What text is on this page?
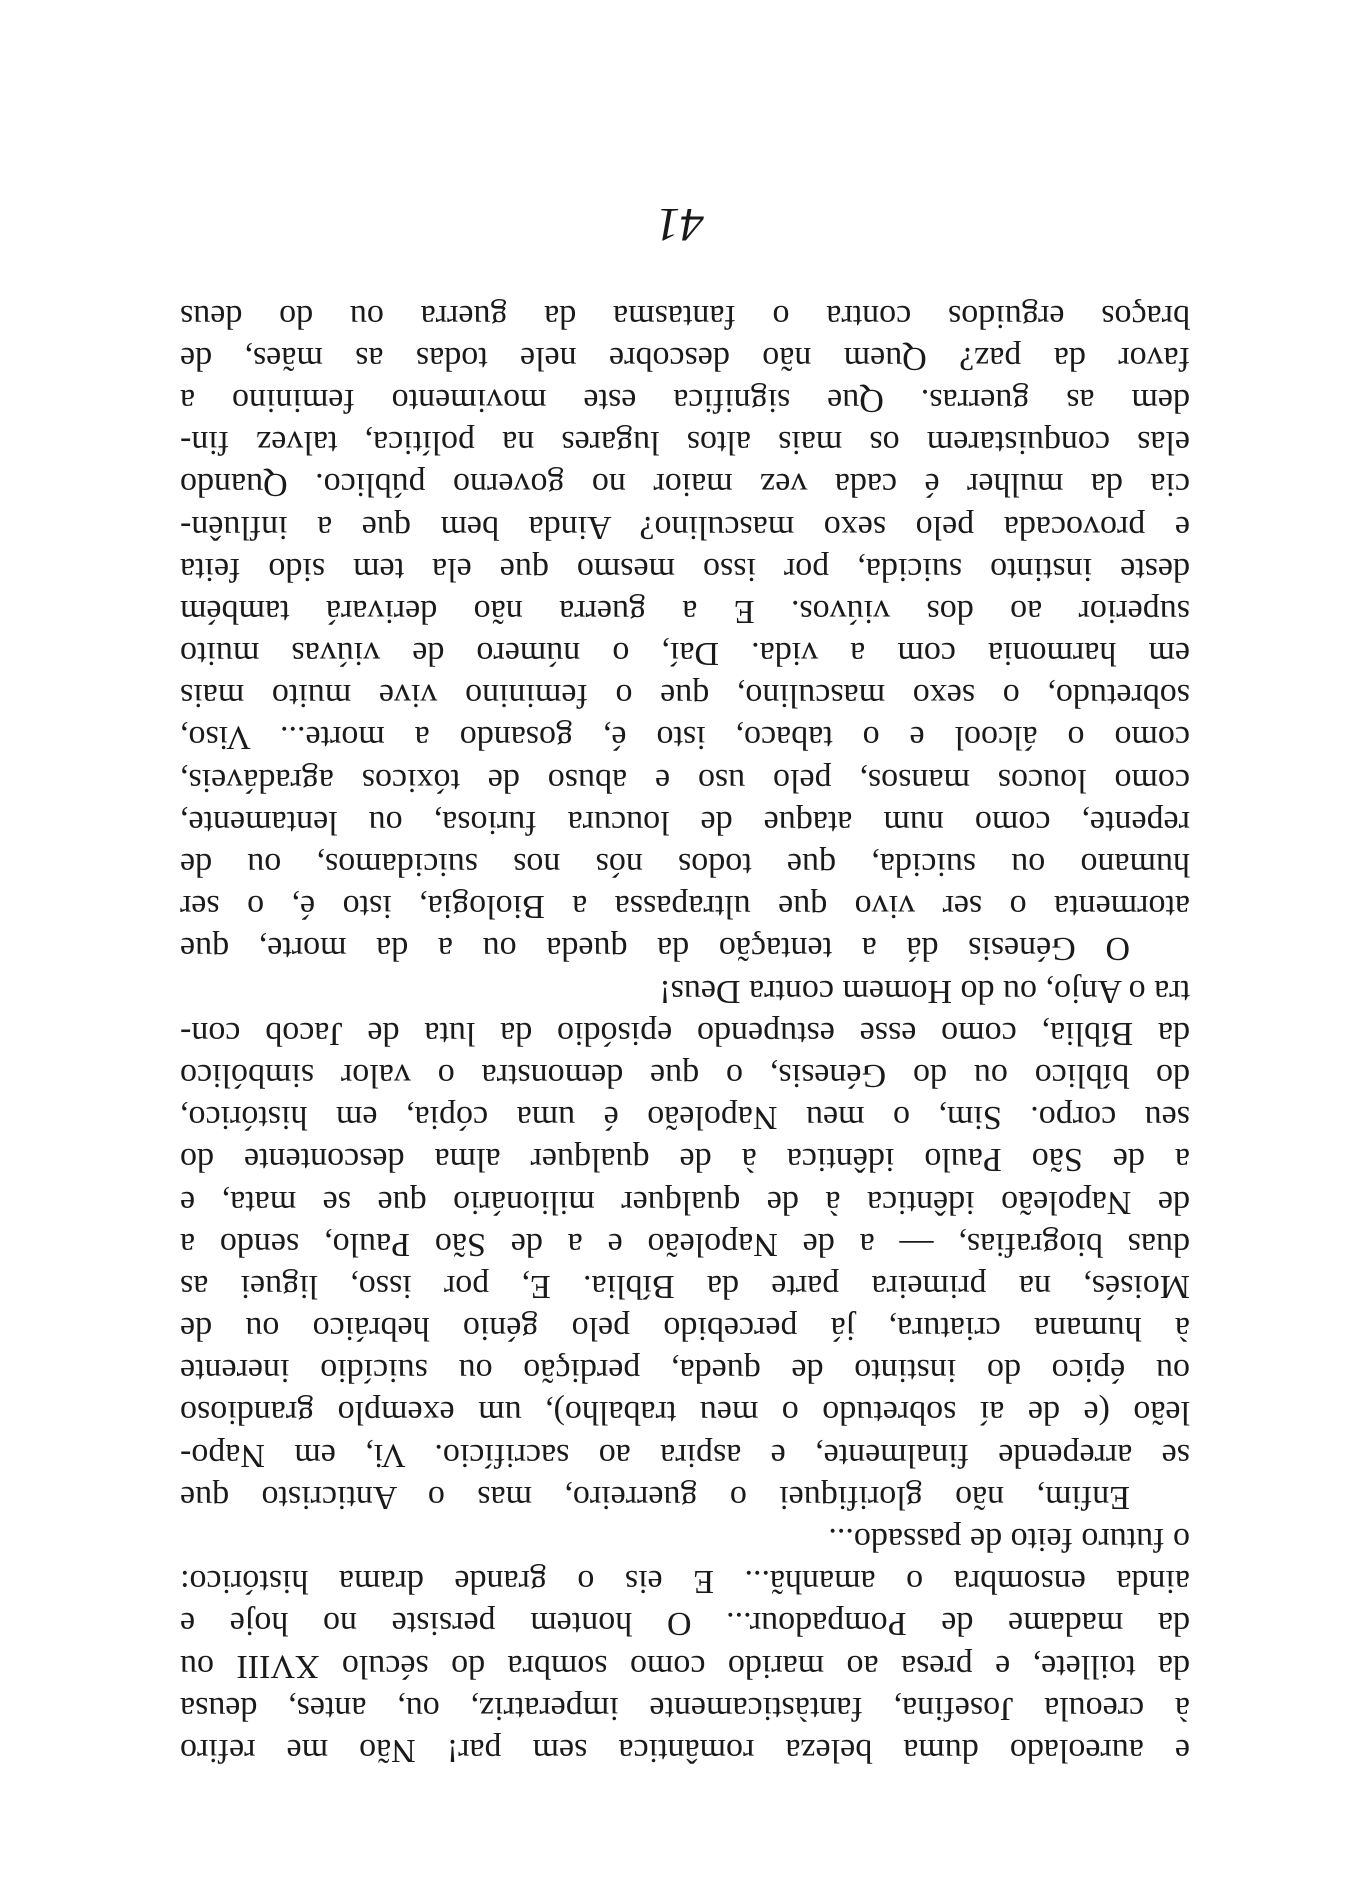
e aureolado duma beleza romântica sem par! Não me refiro
à creoula Josefina, fantàsticamente imperatriz, ou, antes, deusa
da toillete, e presa ao marido como sombra do século XVIII ou
da madame de Pompadour... O hontem persiste no hoje e
ainda ensombra o amanhã... E eis o grande drama histórico:
o futuro feito de passado...
Enfim, não glorifiquei o guerreiro, mas o Anticristo que
se arrepende finalmente, e aspira ao sacrifício. Vi, em Napo-
leão (e de aí sobretudo o meu trabalho), um exemplo grandioso
ou épico do instinto de queda, perdição ou suicídio inerente
à humana criatura, já percebido pelo génio hebráico ou de
Moisés, na primeira parte da Bíblia. E, por isso, liguei as
duas biografias, — a de Napoleão e a de São Paulo, sendo a
de Napoleão idêntica à de qualquer milionário que se mata, e
a de São Paulo idêntica à de qualquer alma descontente do
seu corpo. Sim, o meu Napoleão é uma cópia, em histórico,
do bíblico ou do Génesis, o que demonstra o valor simbólico
da Bíblia, como esse estupendo episódio da luta de Jacob con-
tra o Anjo, ou do Homem contra Deus!
O Génesis dá a tentação da queda ou a da morte, que
atormenta o ser vivo que ultrapassa a Biologia, isto é, o ser
humano ou suicida, que todos nós nos suicidamos, ou de
repente, como num ataque de loucura furiosa, ou lentamente,
como loucos mansos, pelo uso e abuso de tóxicos agradáveis,
como o álcool e o tabaco, isto é, gosando a morte... Viso,
sobretudo, o sexo masculino, que o feminino vive muito mais
em harmonia com a vida. Daí, o número de viúvas muito
superior ao dos viúvos. E a guerra não derivará também
deste instinto suicida, por isso mesmo que ela tem sido feita
e provocada pelo sexo masculino? Ainda bem que a influên-
cia da mulher é cada vez maior no governo público. Quando
elas conquistarem os mais altos lugares na política, talvez fin-
dem as guerras. Que significa este movimento feminino a
favor da paz? Quem não descobre nele todas as mães, de
braços erguidos contra o fantasma da guerra ou do deus
41
